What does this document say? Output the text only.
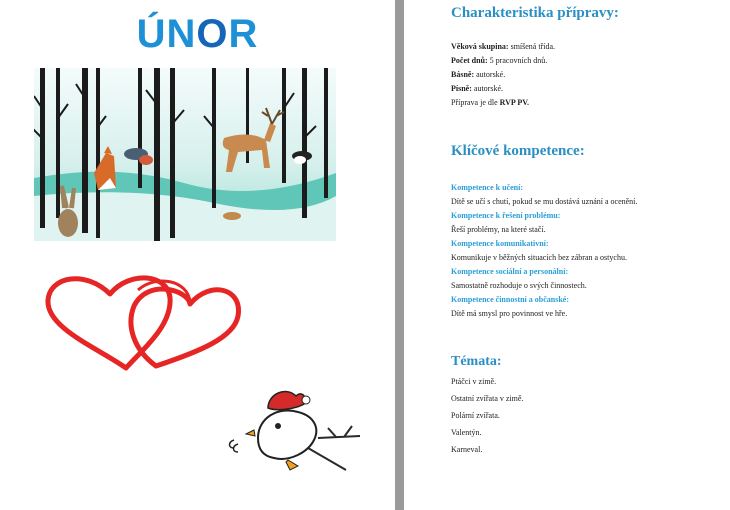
ÚNOR	Charakteristika přípravy:
Věková skupina: smíšená třída.
Počet dnů: 5 pracovních dnů.
Básně: autorské.
Písně: autorské.
Příprava je dle RVP PV.
Klíčové kompetence:
Kompetence k učení:
Dítě se učí s chutí, pokud se mu dostává uznání a ocenění.
Kompetence k řešení problému:
Řeší problémy, na které stačí.
Kompetence komunikativní:
Komunikuje v běžných situacích bez zábran a ostychu.
Kompetence sociální a personální:
Samostatně rozhoduje o svých činnostech.
Kompetence činnostní a občanské:
Dítě má smysl pro povinnost ve hře.
Témata:
Ptáčci v zimě.
Ostatní zvířata v zimě.
Polární zvířata.
Valentýn.
Karneval.
